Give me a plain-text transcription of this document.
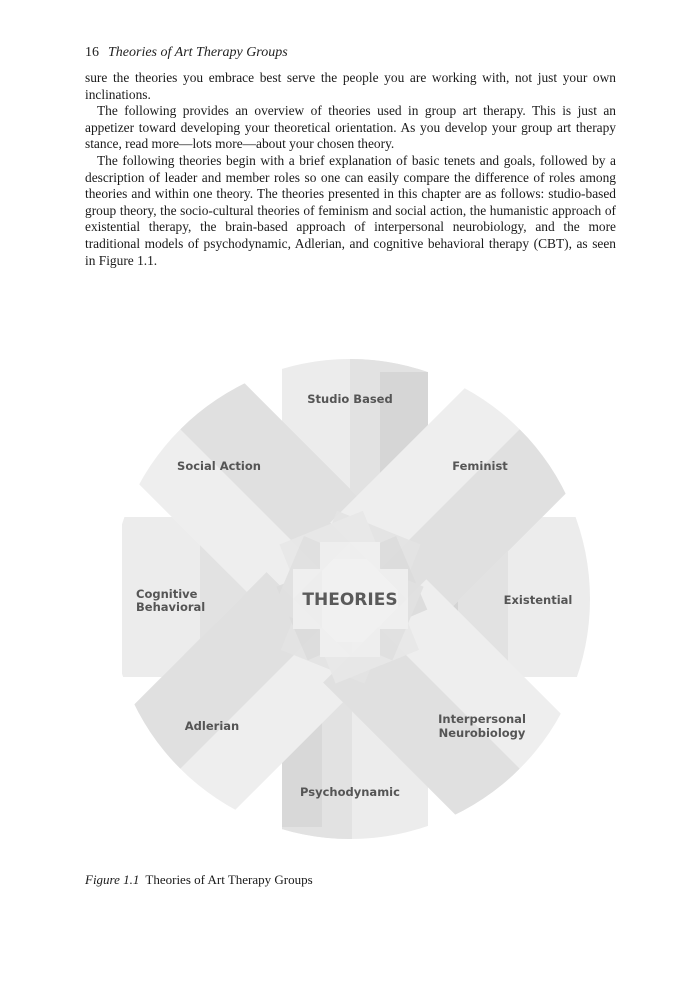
16 Theories of Art Therapy Groups

sure the theories you embrace best serve the people you are working with, not just your own inclinations.

The following provides an overview of theories used in group art therapy. This is just an appetizer toward developing your theoretical orientation. As you develop your group art therapy stance, read more—lots more—about your chosen theory.

The following theories begin with a brief explanation of basic tenets and goals, followed by a description of leader and member roles so one can easily compare the difference of roles among theories and within one theory. The theories presented in this chapter are as follows: studio-based group theory, the socio-cultural theories of feminism and social action, the humanistic approach of existential therapy, the brain-based approach of interpersonal neurobiology, and the more traditional models of psychodynamic, Adlerian, and cognitive behavioral therapy (CBT), as seen in Figure 1.1.

THEORIES
Studio Based
Feminist
Existential
Interpersonal
Neurobiology
Psychodynamic
Adlerian
Cognitive
Behavioral
Social Action
Figure 1.1 Theories of Art Therapy Groups
